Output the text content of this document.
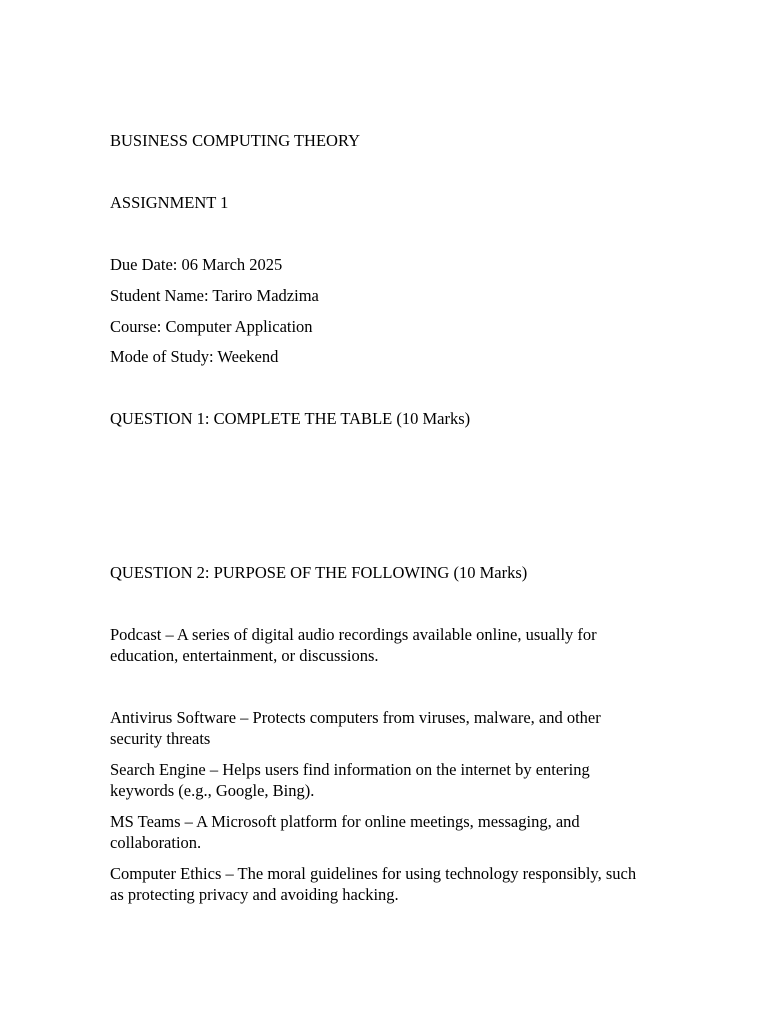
BUSINESS COMPUTING THEORY

ASSIGNMENT 1

Due Date: 06 March 2025

Student Name: Tariro Madzima

Course: Computer Application

Mode of Study: Weekend

QUESTION 1: COMPLETE THE TABLE (10 Marks)

QUESTION 2: PURPOSE OF THE FOLLOWING (10 Marks)

Podcast – A series of digital audio recordings available online, usually for

education, entertainment, or discussions.

Antivirus Software – Protects computers from viruses, malware, and other

security threats

Search Engine – Helps users find information on the internet by entering

keywords (e.g., Google, Bing).

MS Teams – A Microsoft platform for online meetings, messaging, and

collaboration.

Computer Ethics – The moral guidelines for using technology responsibly, such

as protecting privacy and avoiding hacking.
